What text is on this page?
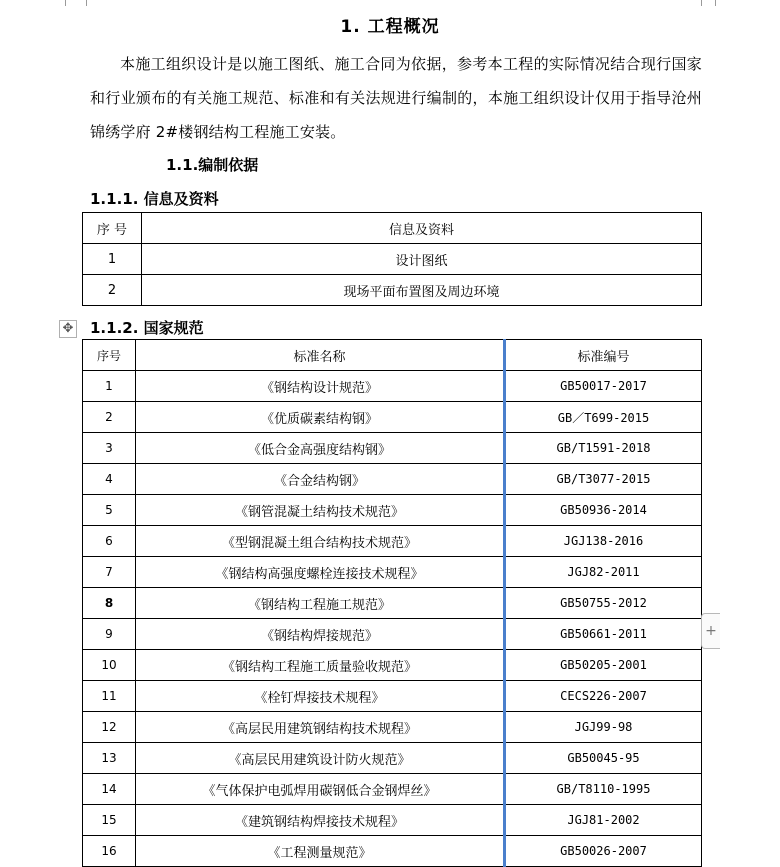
1. 工程概况
本施工组织设计是以施工图纸、施工合同为依据，参考本工程的实际情况结合现行国家和行业颁布的有关施工规范、标准和有关法规进行编制的，本施工组织设计仅用于指导沧州锦绣学府 2#楼钢结构工程施工安装。
1.1.编制依据
1.1.1. 信息及资料
序 号	信息及资料
1	设计图纸
2	现场平面布置图及周边环境
✥ 1.1.2. 国家规范
序号	标准名称	标准编号
1	《钢结构设计规范》	GB50017-2017
2	《优质碳素结构钢》	GB／T699-2015
3	《低合金高强度结构钢》	GB/T1591-2018
4	《合金结构钢》	GB/T3077-2015
5	《钢管混凝土结构技术规范》	GB50936-2014
6	《型钢混凝土组合结构技术规范》	JGJ138-2016
7	《钢结构高强度螺栓连接技术规程》	JGJ82-2011
8	《钢结构工程施工规范》	GB50755-2012
9	《钢结构焊接规范》	GB50661-2011
10	《钢结构工程施工质量验收规范》	GB50205-2001
11	《栓钉焊接技术规程》	CECS226-2007
12	《高层民用建筑钢结构技术规程》	JGJ99-98
13	《高层民用建筑设计防火规范》	GB50045-95
14	《气体保护电弧焊用碳钢低合金钢焊丝》	GB/T8110-1995
15	《建筑钢结构焊接技术规程》	JGJ81-2002
16	《工程测量规范》	GB50026-2007
+
